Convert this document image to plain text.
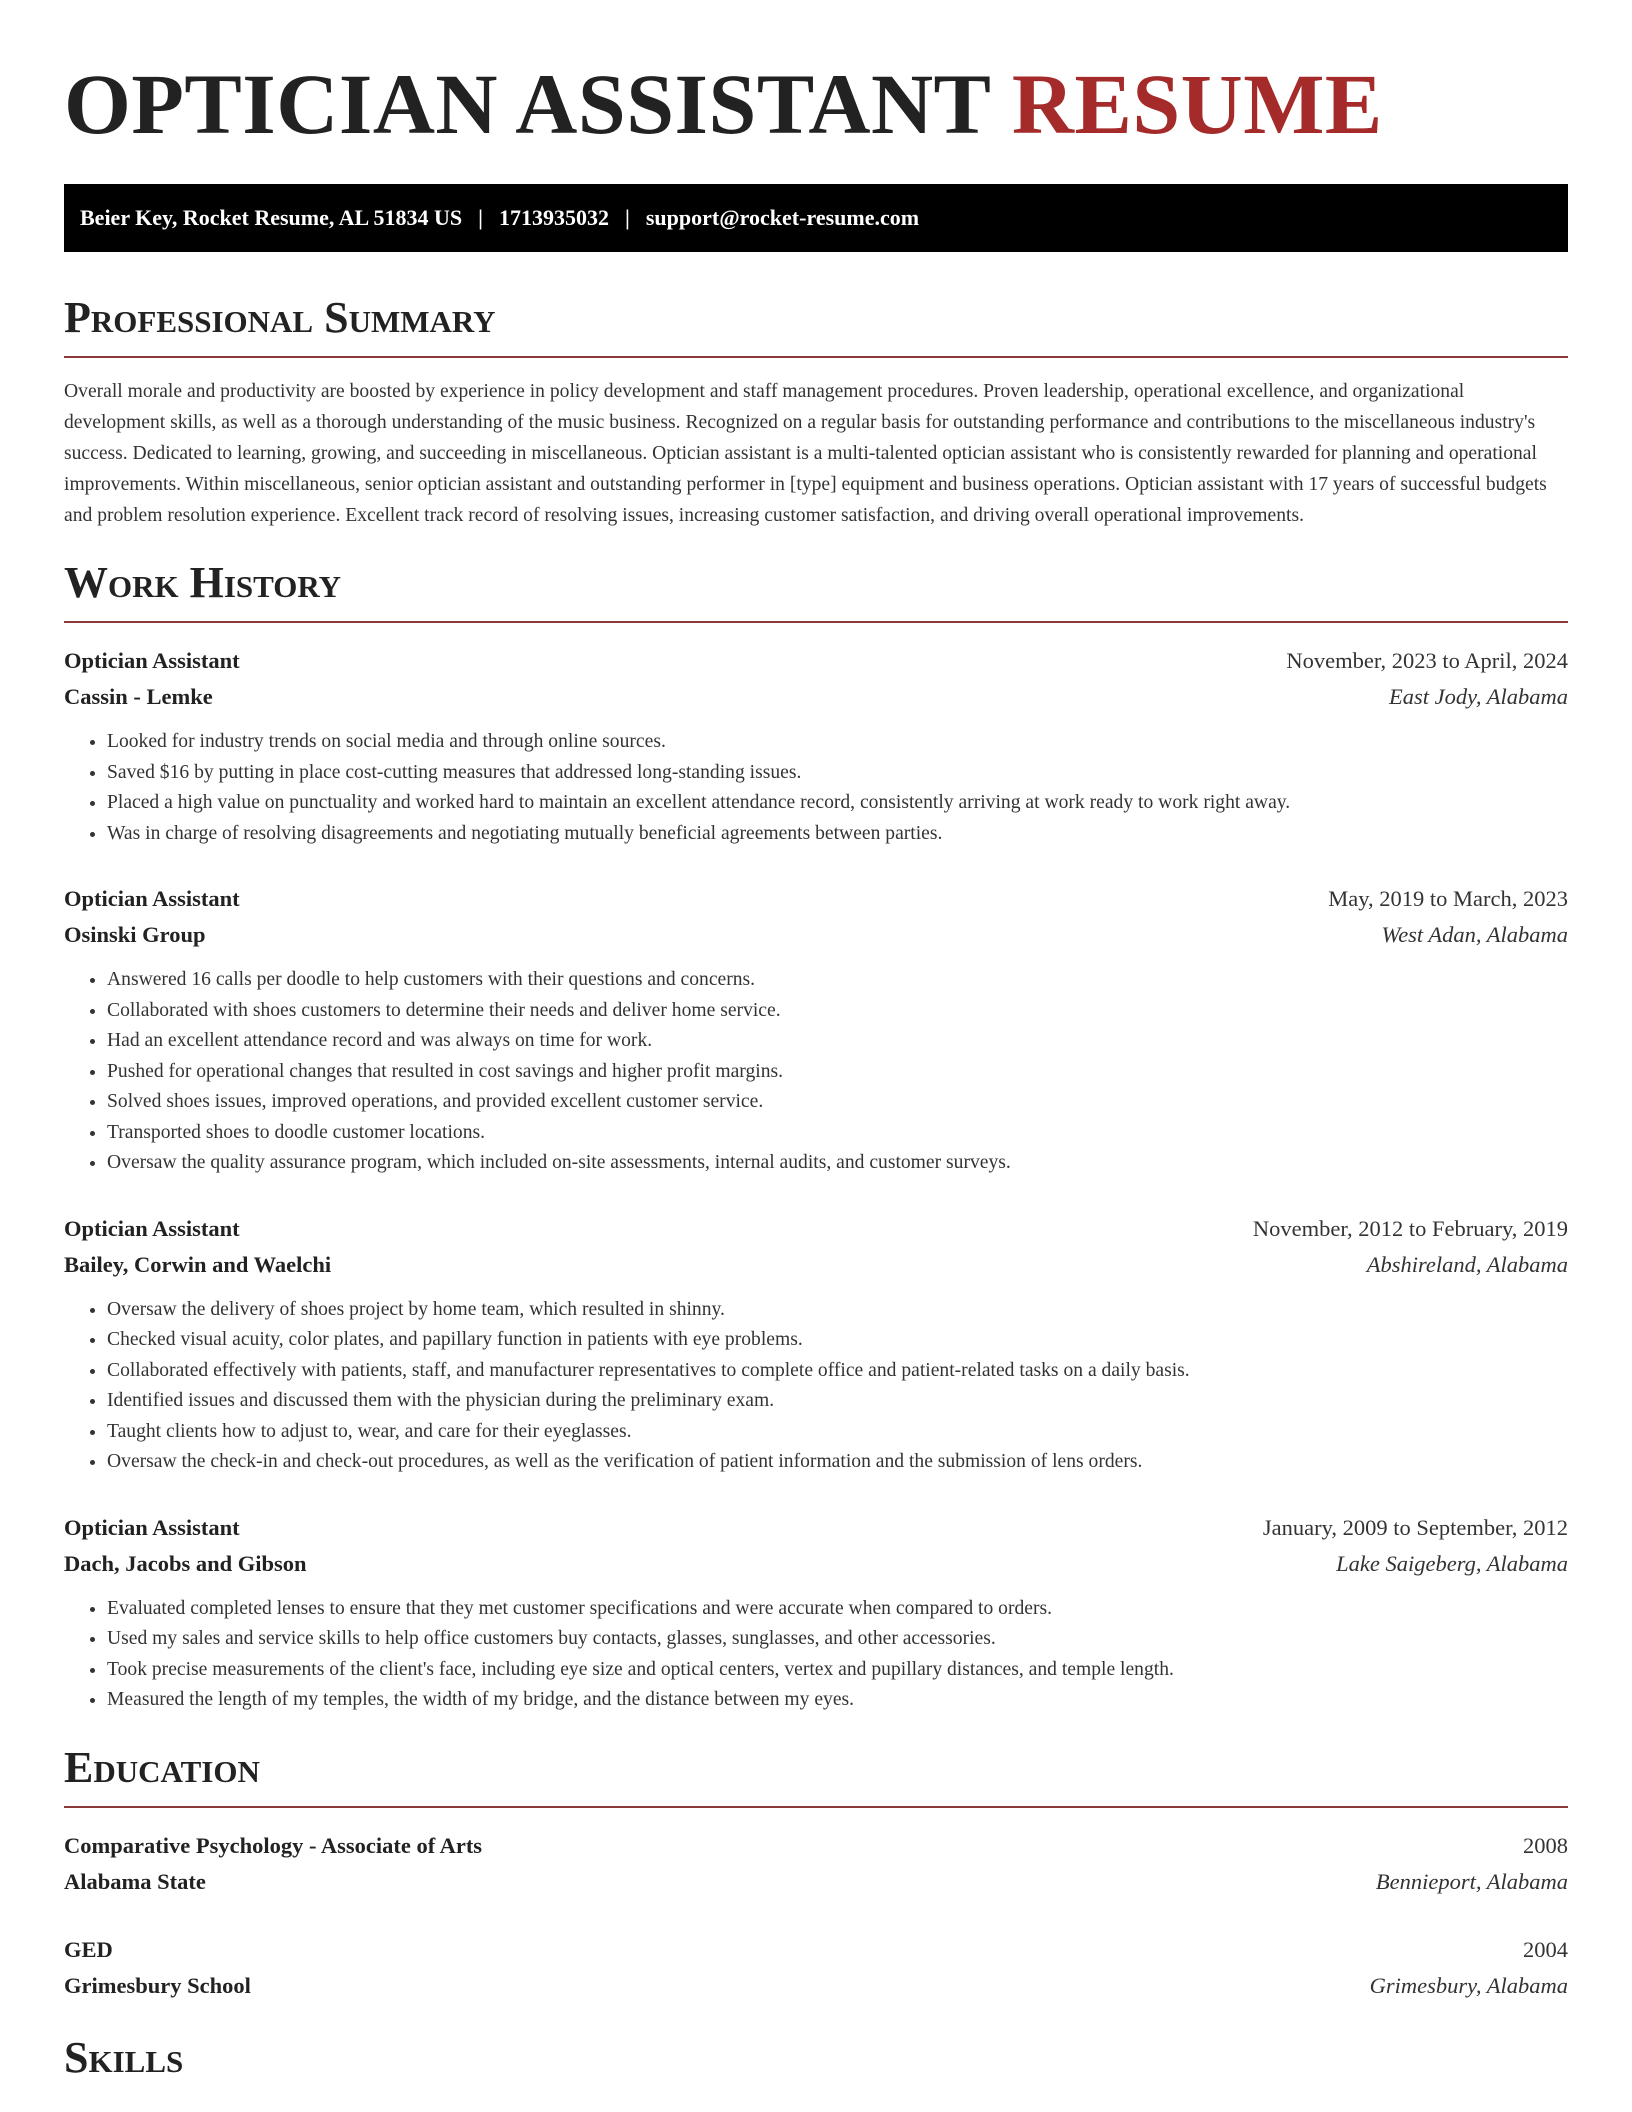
OPTICIAN ASSISTANT RESUME
Beier Key, Rocket Resume, AL 51834 US | 1713935032 | support@rocket-resume.com
Professional Summary

Overall morale and productivity are boosted by experience in policy development and staff management procedures. Proven leadership, operational excellence, and organizational development skills, as well as a thorough understanding of the music business. Recognized on a regular basis for outstanding performance and contributions to the miscellaneous industry's success. Dedicated to learning, growing, and succeeding in miscellaneous. Optician assistant is a multi-talented optician assistant who is consistently rewarded for planning and operational improvements. Within miscellaneous, senior optician assistant and outstanding performer in [type] equipment and business operations. Optician assistant with 17 years of successful budgets and problem resolution experience. Excellent track record of resolving issues, increasing customer satisfaction, and driving overall operational improvements.

Work History
Optician Assistant	November, 2023 to April, 2024
Cassin - Lemke	East Jody, Alabama
• Looked for industry trends on social media and through online sources.
• Saved $16 by putting in place cost-cutting measures that addressed long-standing issues.
• Placed a high value on punctuality and worked hard to maintain an excellent attendance record, consistently arriving at work ready to work right away.
• Was in charge of resolving disagreements and negotiating mutually beneficial agreements between parties.
Optician Assistant	May, 2019 to March, 2023
Osinski Group	West Adan, Alabama
• Answered 16 calls per doodle to help customers with their questions and concerns.
• Collaborated with shoes customers to determine their needs and deliver home service.
• Had an excellent attendance record and was always on time for work.
• Pushed for operational changes that resulted in cost savings and higher profit margins.
• Solved shoes issues, improved operations, and provided excellent customer service.
• Transported shoes to doodle customer locations.
• Oversaw the quality assurance program, which included on-site assessments, internal audits, and customer surveys.
Optician Assistant	November, 2012 to February, 2019
Bailey, Corwin and Waelchi	Abshireland, Alabama
• Oversaw the delivery of shoes project by home team, which resulted in shinny.
• Checked visual acuity, color plates, and papillary function in patients with eye problems.
• Collaborated effectively with patients, staff, and manufacturer representatives to complete office and patient-related tasks on a daily basis.
• Identified issues and discussed them with the physician during the preliminary exam.
• Taught clients how to adjust to, wear, and care for their eyeglasses.
• Oversaw the check-in and check-out procedures, as well as the verification of patient information and the submission of lens orders.
Optician Assistant	January, 2009 to September, 2012
Dach, Jacobs and Gibson	Lake Saigeberg, Alabama
• Evaluated completed lenses to ensure that they met customer specifications and were accurate when compared to orders.
• Used my sales and service skills to help office customers buy contacts, glasses, sunglasses, and other accessories.
• Took precise measurements of the client's face, including eye size and optical centers, vertex and pupillary distances, and temple length.
• Measured the length of my temples, the width of my bridge, and the distance between my eyes.
Education
Comparative Psychology - Associate of Arts	2008
Alabama State	Bennieport, Alabama
GED	2004
Grimesbury School	Grimesbury, Alabama
Skills
